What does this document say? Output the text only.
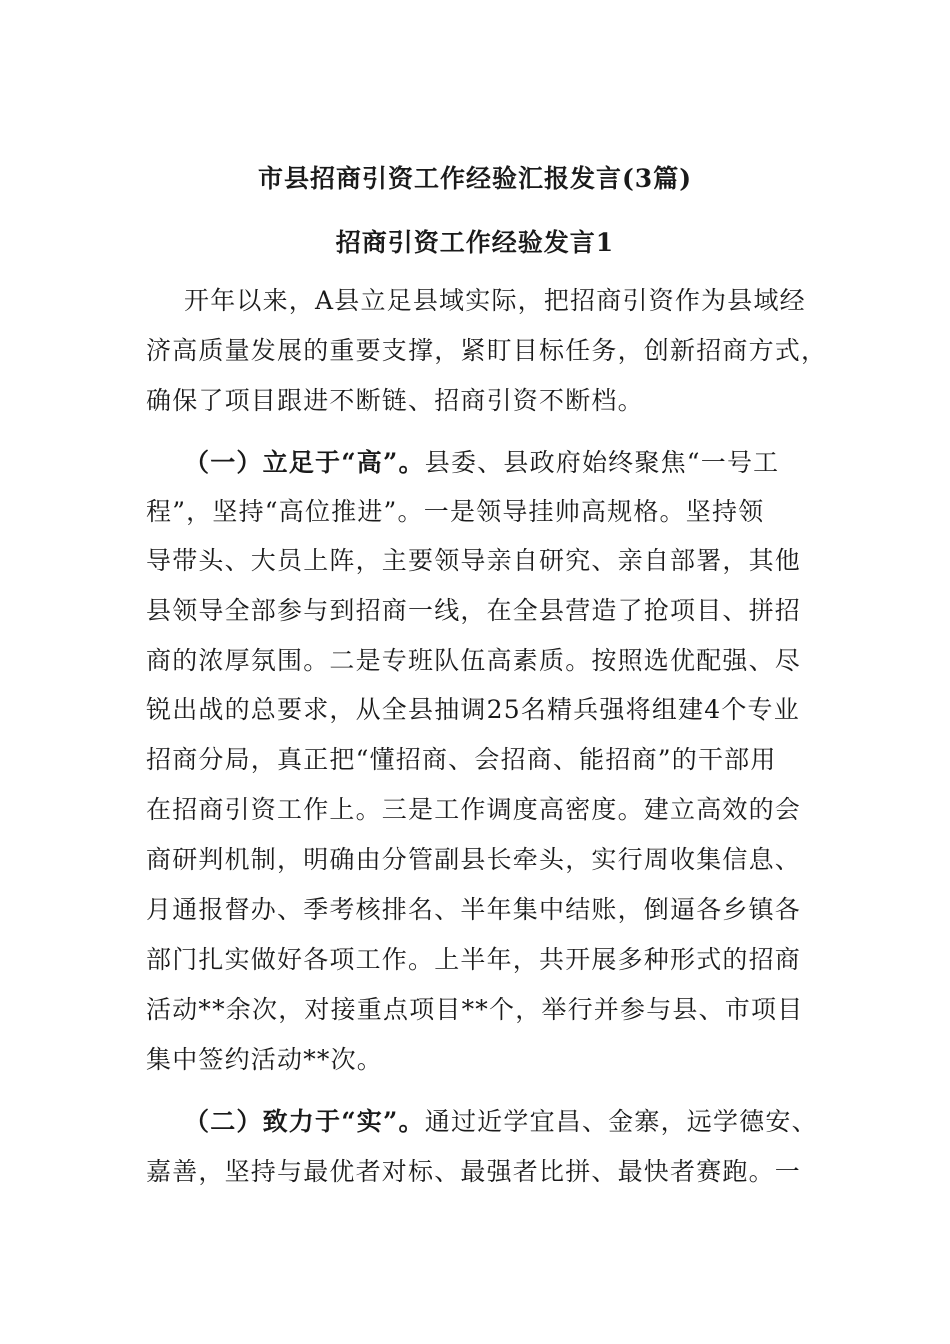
市县招商引资工作经验汇报发言(3篇)
招商引资工作经验发言1

开年以来，A县立足县域实际，把招商引资作为县域经

济高质量发展的重要支撑，紧盯目标任务，创新招商方式，

确保了项目跟进不断链、招商引资不断档。

（一）立足于“高”。县委、县政府始终聚焦“一号工

程”，坚持“高位推进”。一是领导挂帅高规格。坚持领

导带头、大员上阵，主要领导亲自研究、亲自部署，其他

县领导全部参与到招商一线，在全县营造了抢项目、拼招

商的浓厚氛围。二是专班队伍高素质。按照选优配强、尽

锐出战的总要求，从全县抽调25名精兵强将组建4个专业

招商分局，真正把“懂招商、会招商、能招商”的干部用

在招商引资工作上。三是工作调度高密度。建立高效的会

商研判机制，明确由分管副县长牵头，实行周收集信息、

月通报督办、季考核排名、半年集中结账，倒逼各乡镇各

部门扎实做好各项工作。上半年，共开展多种形式的招商

活动**余次，对接重点项目**个，举行并参与县、市项目

集中签约活动**次。

（二）致力于“实”。通过近学宜昌、金寨，远学德安、

嘉善，坚持与最优者对标、最强者比拼、最快者赛跑。一
